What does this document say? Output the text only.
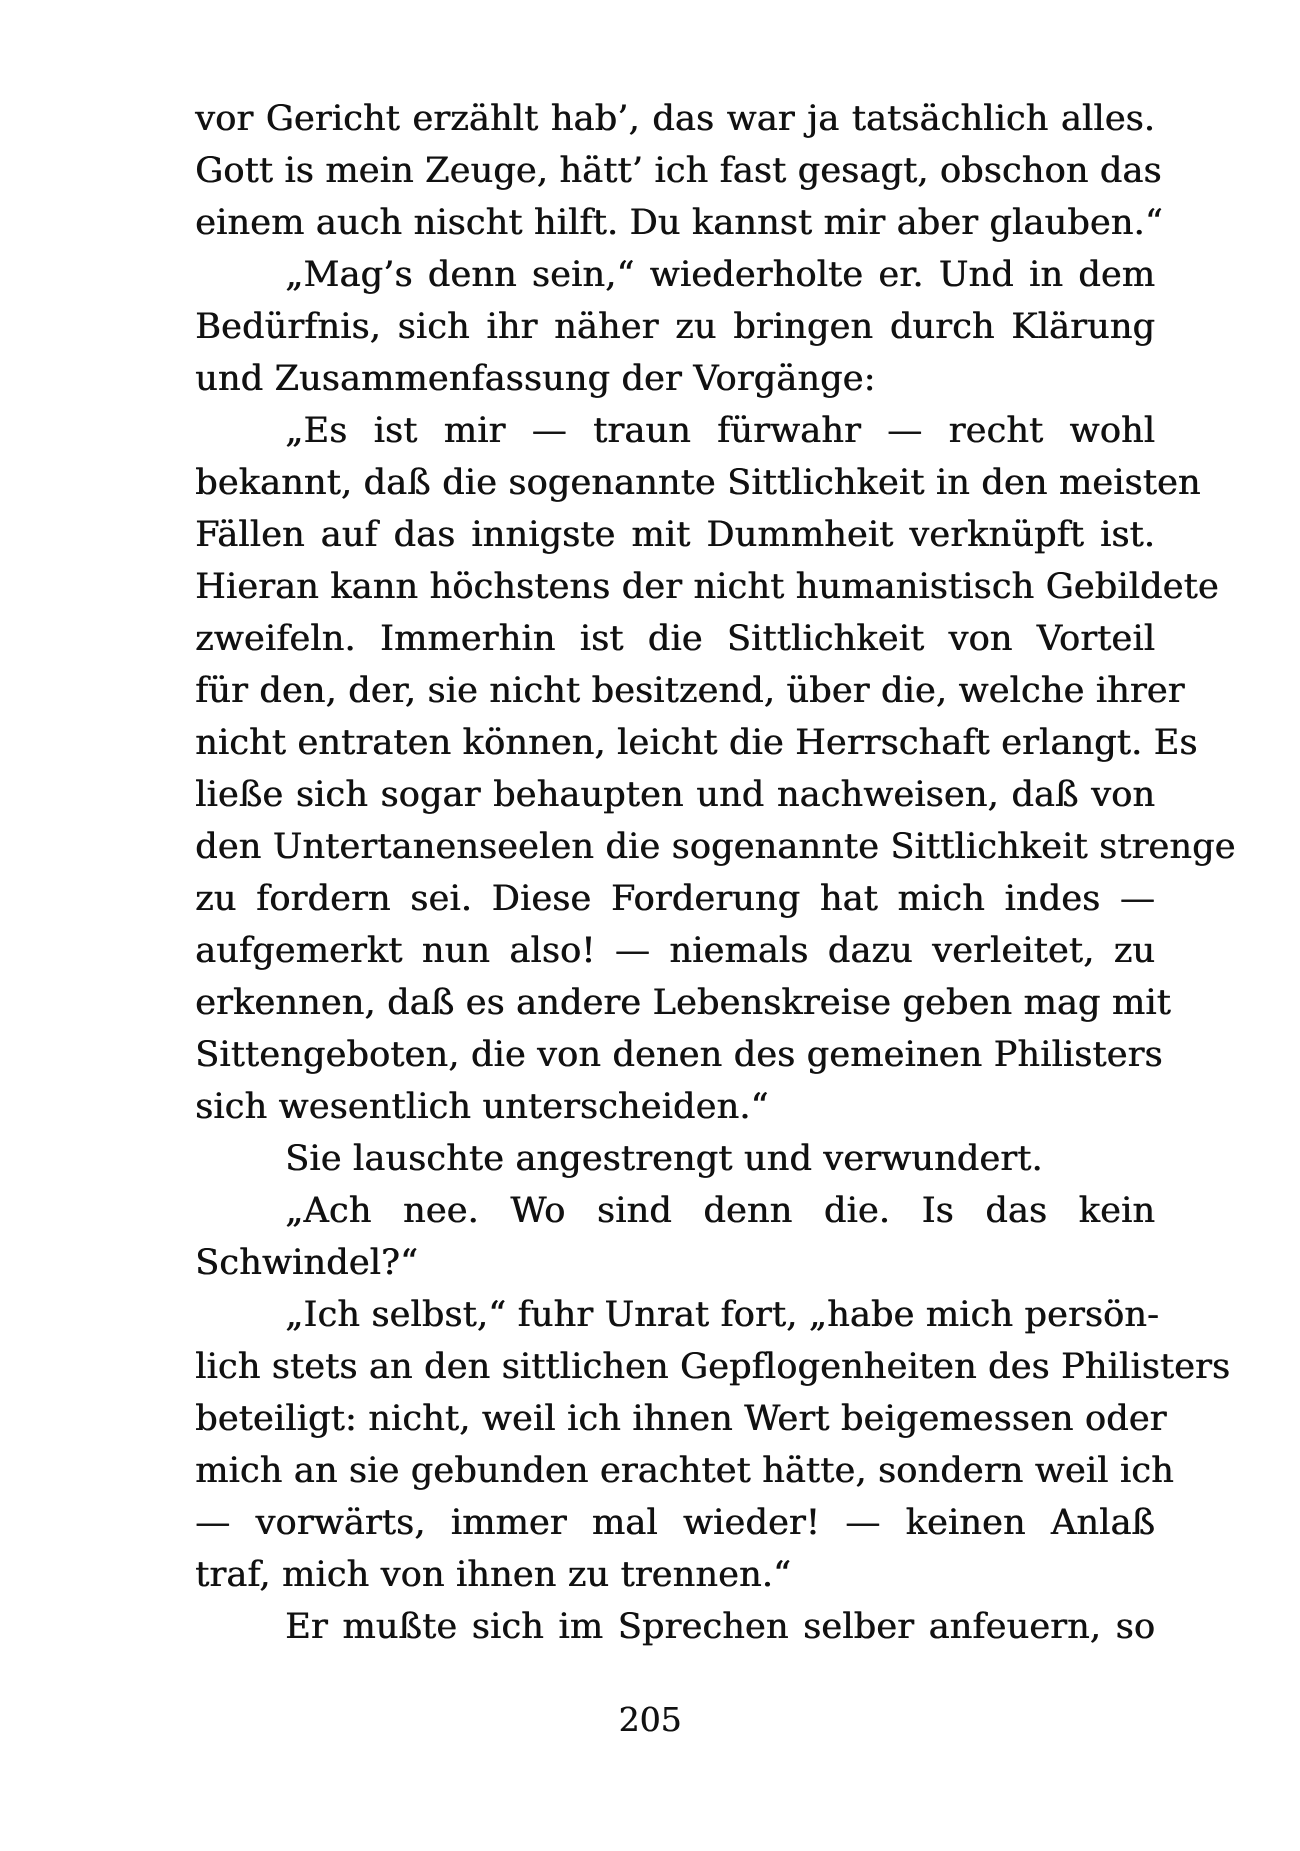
vor Gericht erzählt hab’, das war ja tatsächlich alles.
Gott is mein Zeuge, hätt’ ich fast gesagt, obschon das
einem auch nischt hilft. Du kannst mir aber glauben.“
„Mag’s denn sein,“ wiederholte er. Und in dem
Bedürfnis, sich ihr näher zu bringen durch Klärung
und Zusammenfassung der Vorgänge:
„Es ist mir — traun fürwahr — recht wohl
bekannt, daß die sogenannte Sittlichkeit in den meisten
Fällen auf das innigste mit Dummheit verknüpft ist.
Hieran kann höchstens der nicht humanistisch Gebildete
zweifeln. Immerhin ist die Sittlichkeit von Vorteil
für den, der, sie nicht besitzend, über die, welche ihrer
nicht entraten können, leicht die Herrschaft erlangt. Es
ließe sich sogar behaupten und nachweisen, daß von
den Untertanenseelen die sogenannte Sittlichkeit strenge
zu fordern sei. Diese Forderung hat mich indes —
aufgemerkt nun also! — niemals dazu verleitet, zu
erkennen, daß es andere Lebenskreise geben mag mit
Sittengeboten, die von denen des gemeinen Philisters
sich wesentlich unterscheiden.“
Sie lauschte angestrengt und verwundert.
„Ach nee. Wo sind denn die. Is das kein
Schwindel?“
„Ich selbst,“ fuhr Unrat fort, „habe mich persön-
lich stets an den sittlichen Gepflogenheiten des Philisters
beteiligt: nicht, weil ich ihnen Wert beigemessen oder
mich an sie gebunden erachtet hätte, sondern weil ich
— vorwärts, immer mal wieder! — keinen Anlaß
traf, mich von ihnen zu trennen.“
Er mußte sich im Sprechen selber anfeuern, so
205
